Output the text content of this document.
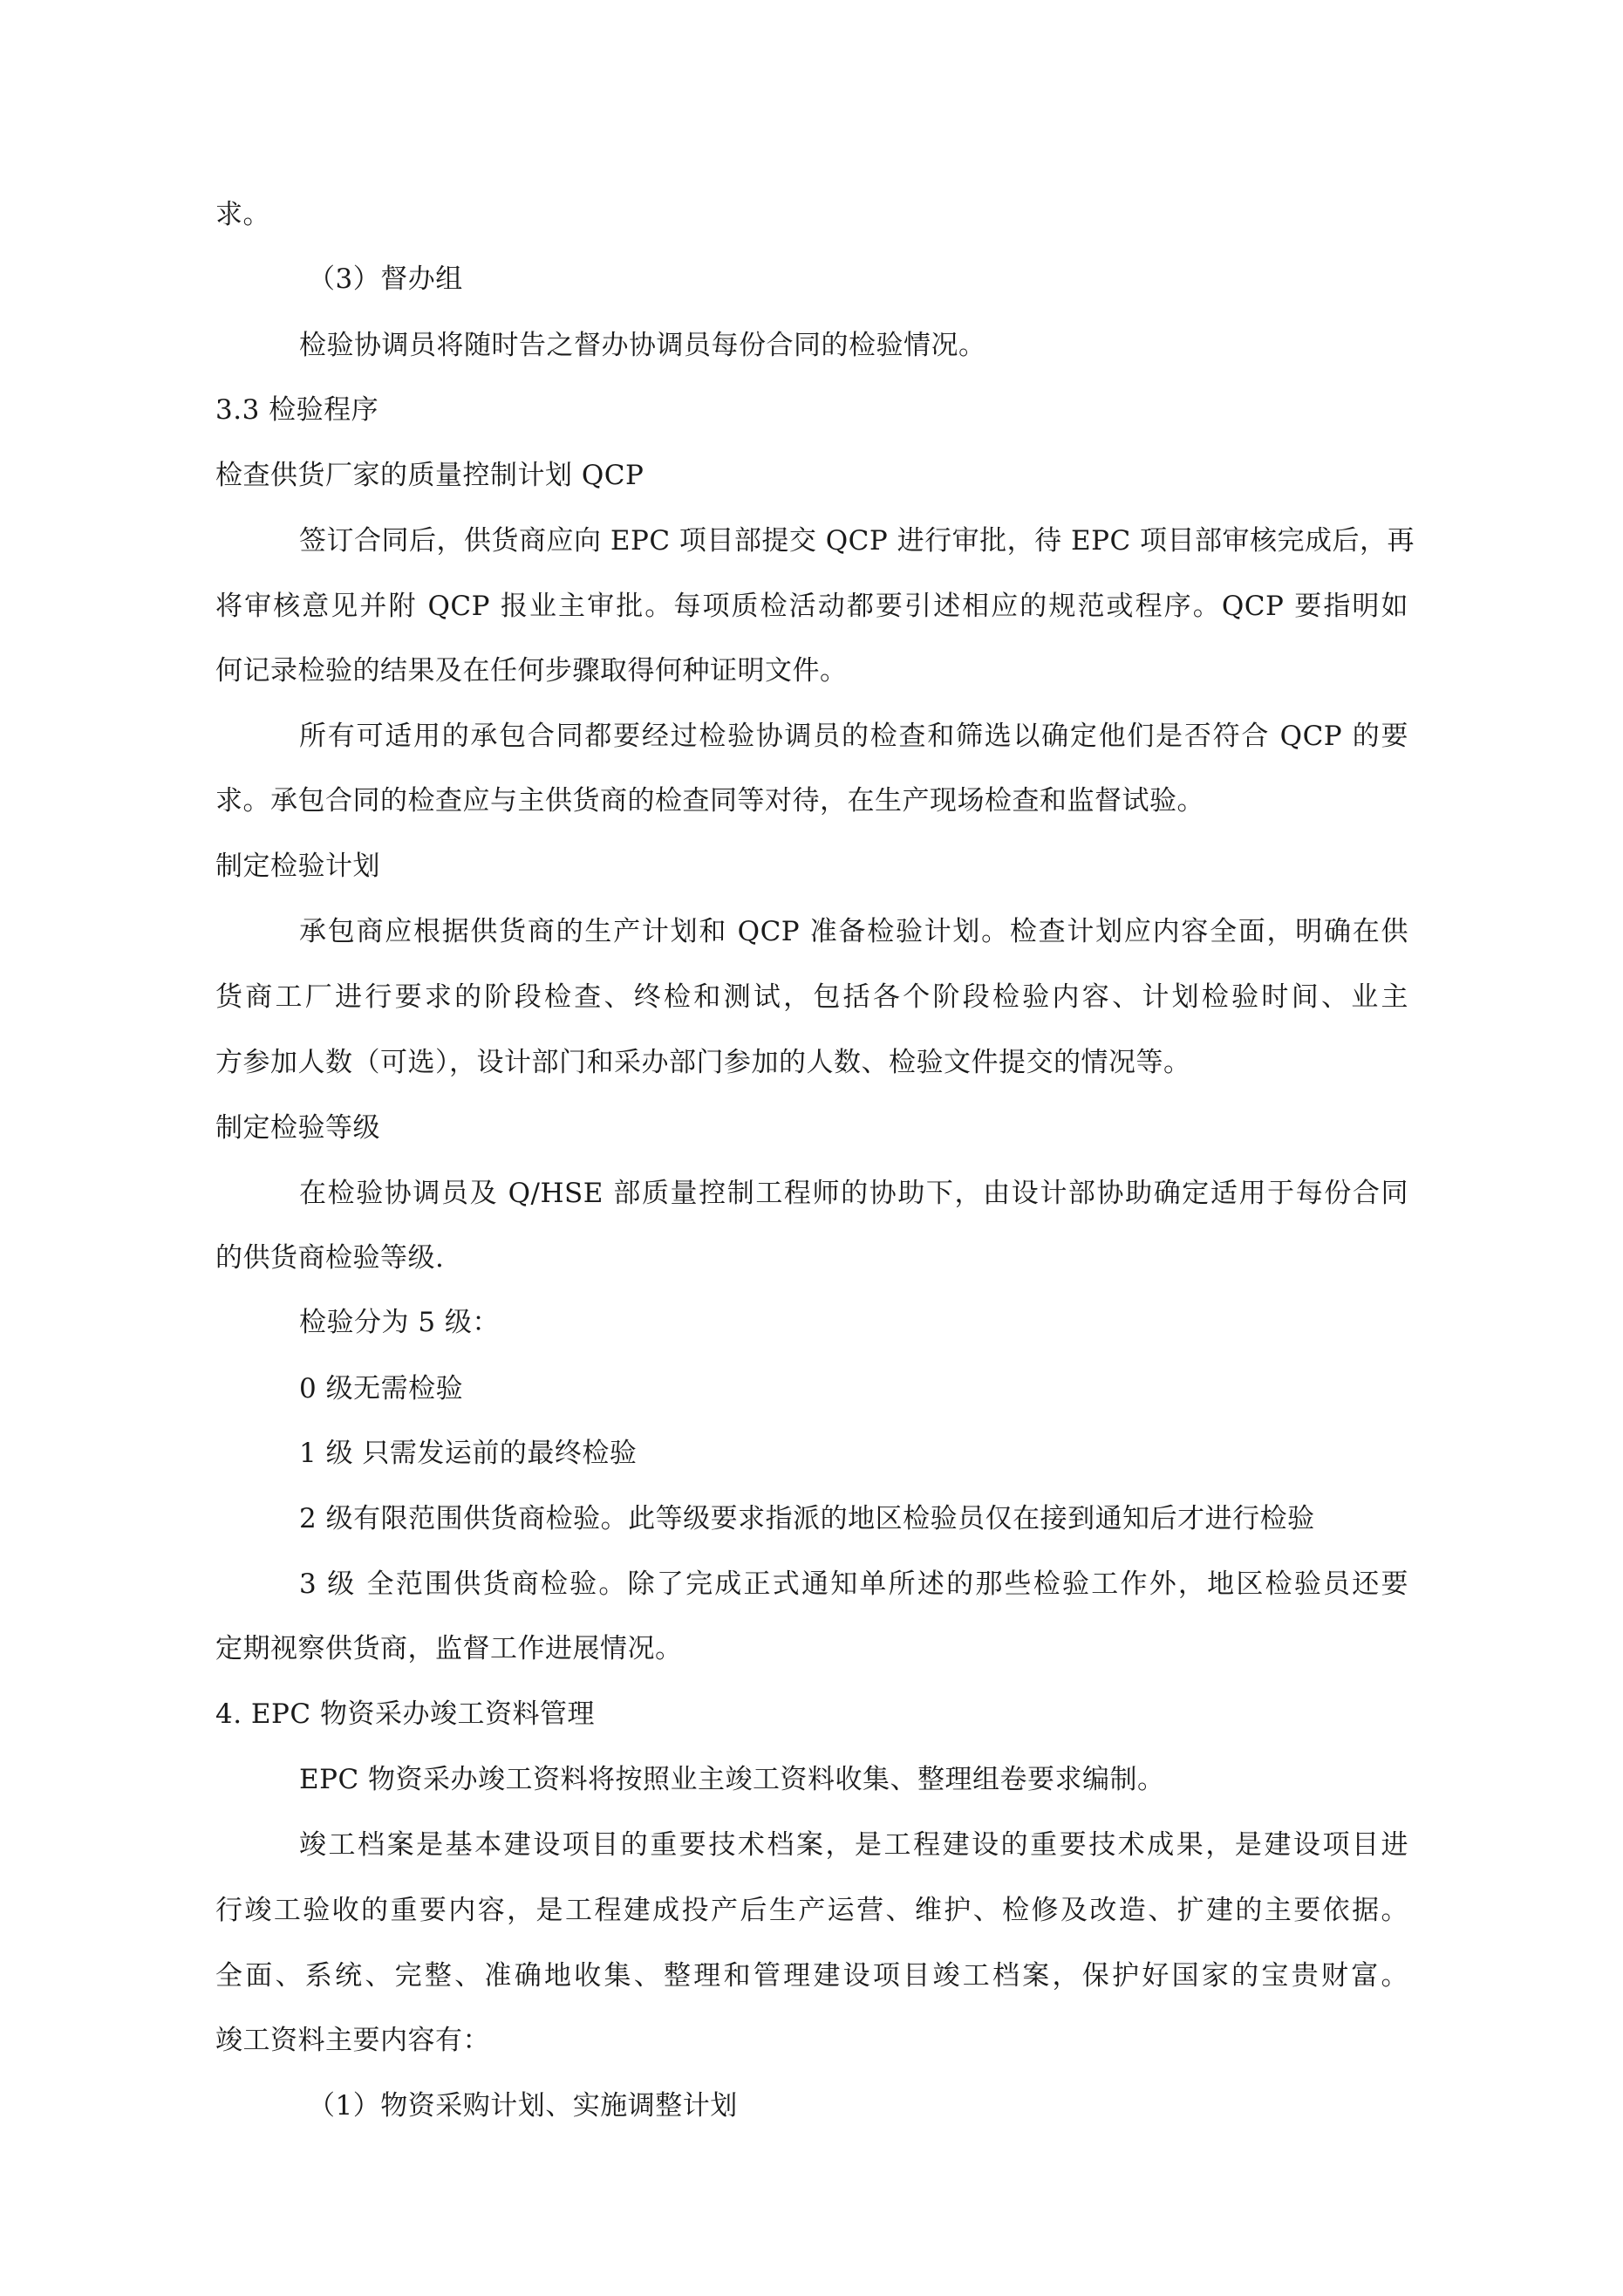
求。
（3）督办组
检验协调员将随时告之督办协调员每份合同的检验情况。
3.3 检验程序
检查供货厂家的质量控制计划 QCP
签订合同后，供货商应向 EPC 项目部提交 QCP 进行审批，待 EPC 项目部审核完成后，再
将审核意见并附 QCP 报业主审批。每项质检活动都要引述相应的规范或程序。QCP 要指明如
何记录检验的结果及在任何步骤取得何种证明文件。
所有可适用的承包合同都要经过检验协调员的检查和筛选以确定他们是否符合 QCP 的要
求。承包合同的检查应与主供货商的检查同等对待，在生产现场检查和监督试验。
制定检验计划
承包商应根据供货商的生产计划和 QCP 准备检验计划。检查计划应内容全面，明确在供
货商工厂进行要求的阶段检查、终检和测试，包括各个阶段检验内容、计划检验时间、业主
方参加人数（可选），设计部门和采办部门参加的人数、检验文件提交的情况等。
制定检验等级
在检验协调员及 Q/HSE 部质量控制工程师的协助下，由设计部协助确定适用于每份合同
的供货商检验等级.
检验分为 5 级：
0 级无需检验
1 级 只需发运前的最终检验
2 级有限范围供货商检验。此等级要求指派的地区检验员仅在接到通知后才进行检验
3 级 全范围供货商检验。除了完成正式通知单所述的那些检验工作外，地区检验员还要
定期视察供货商，监督工作进展情况。
4. EPC 物资采办竣工资料管理
EPC 物资采办竣工资料将按照业主竣工资料收集、整理组卷要求编制。
竣工档案是基本建设项目的重要技术档案，是工程建设的重要技术成果，是建设项目进
行竣工验收的重要内容，是工程建成投产后生产运营、维护、检修及改造、扩建的主要依据。
全面、系统、完整、准确地收集、整理和管理建设项目竣工档案，保护好国家的宝贵财富。
竣工资料主要内容有：
（1）物资采购计划、实施调整计划
